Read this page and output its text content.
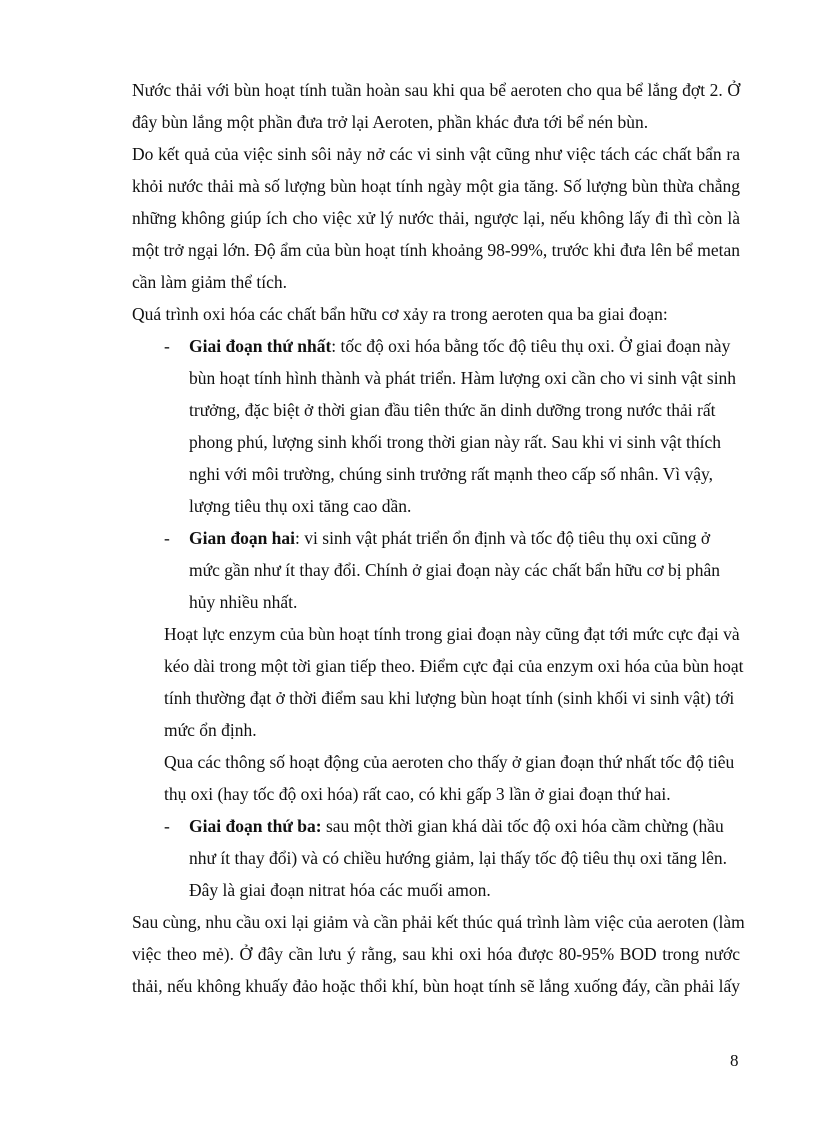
Nước thải với bùn hoạt tính tuần hoàn sau khi qua bể aeroten cho qua bể lắng đợt 2. Ở
đây bùn lắng một phần đưa trở lại Aeroten, phần khác đưa tới bể nén bùn.
Do kết quả của việc sinh sôi nảy nở các vi sinh vật cũng như việc tách các chất bẩn ra
khỏi nước thải mà số lượng bùn hoạt tính ngày một gia tăng. Số lượng bùn thừa chẳng
những không giúp ích cho việc xử lý nước thải, ngược lại, nếu không lấy đi thì còn là
một trở ngại lớn. Độ ẩm của bùn hoạt tính khoảng 98-99%, trước khi đưa lên bể metan
cần làm giảm thể tích.
Quá trình oxi hóa các chất bẩn hữu cơ xảy ra trong aeroten qua ba giai đoạn:
- Giai đoạn thứ nhất: tốc độ oxi hóa bằng tốc độ tiêu thụ oxi. Ở giai đoạn này
bùn hoạt tính hình thành và phát triển. Hàm lượng oxi cần cho vi sinh vật sinh
trưởng, đặc biệt ở thời gian đầu tiên thức ăn dinh dưỡng trong nước thải rất
phong phú, lượng sinh khối trong thời gian này rất. Sau khi vi sinh vật thích
nghi với môi trường, chúng sinh trưởng rất mạnh theo cấp số nhân. Vì vậy,
lượng tiêu thụ oxi tăng cao dần.
- Gian đoạn hai: vi sinh vật phát triển ổn định và tốc độ tiêu thụ oxi cũng ở
mức gần như ít thay đổi. Chính ở giai đoạn này các chất bẩn hữu cơ bị phân
hủy nhiều nhất.
Hoạt lực enzym của bùn hoạt tính trong giai đoạn này cũng đạt tới mức cực đại và
kéo dài trong một tời gian tiếp theo. Điểm cực đại của enzym oxi hóa của bùn hoạt
tính thường đạt ở thời điểm sau khi lượng bùn hoạt tính (sinh khối vi sinh vật) tới
mức ổn định.
Qua các thông số hoạt động của aeroten cho thấy ở gian đoạn thứ nhất tốc độ tiêu
thụ oxi (hay tốc độ oxi hóa) rất cao, có khi gấp 3 lần ở giai đoạn thứ hai.
- Giai đoạn thứ ba: sau một thời gian khá dài tốc độ oxi hóa cầm chừng (hầu
như ít thay đổi) và có chiều hướng giảm, lại thấy tốc độ tiêu thụ oxi tăng lên.
Đây là giai đoạn nitrat hóa các muối amon.
Sau cùng, nhu cầu oxi lại giảm và cần phải kết thúc quá trình làm việc của aeroten (làm
việc theo mẻ). Ở đây cần lưu ý rằng, sau khi oxi hóa được 80-95% BOD trong nước
thải, nếu không khuấy đảo hoặc thổi khí, bùn hoạt tính sẽ lắng xuống đáy, cần phải lấy
8
